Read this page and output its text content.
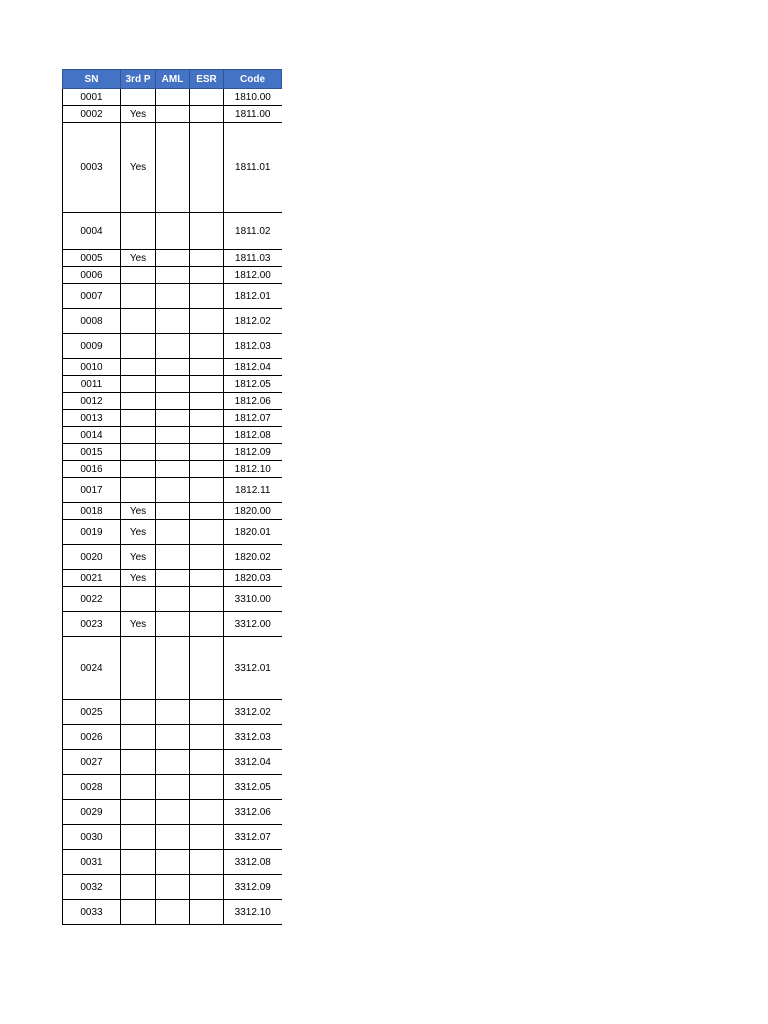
SN	3rd P	AML	ESR	Code
0001				1810.00
0002	Yes			1811.00
0003	Yes			1811.01
0004				1811.02
0005	Yes			1811.03
0006				1812.00
0007				1812.01
0008				1812.02
0009				1812.03
0010				1812.04
0011				1812.05
0012				1812.06
0013				1812.07
0014				1812.08
0015				1812.09
0016				1812.10
0017				1812.11
0018	Yes			1820.00
0019	Yes			1820.01
0020	Yes			1820.02
0021	Yes			1820.03
0022				3310.00
0023	Yes			3312.00
0024				3312.01
0025				3312.02
0026				3312.03
0027				3312.04
0028				3312.05
0029				3312.06
0030				3312.07
0031				3312.08
0032				3312.09
0033				3312.10
